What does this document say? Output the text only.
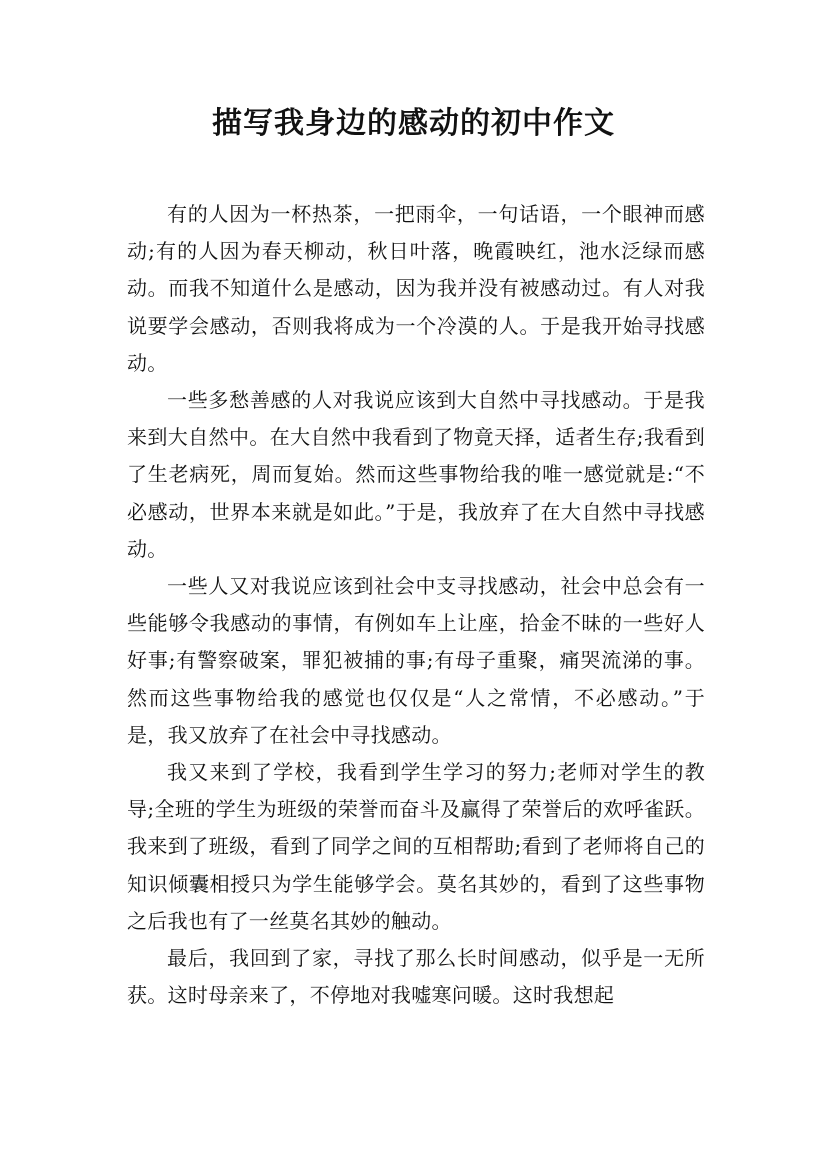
描写我身边的感动的初中作文

有的人因为一杯热茶，一把雨伞，一句话语，一个眼神而感动;有的人因为春天柳动，秋日叶落，晚霞映红，池水泛绿而感动。而我不知道什么是感动，因为我并没有被感动过。有人对我说要学会感动，否则我将成为一个冷漠的人。于是我开始寻找感动。

一些多愁善感的人对我说应该到大自然中寻找感动。于是我来到大自然中。在大自然中我看到了物竟天择，适者生存;我看到了生老病死，周而复始。然而这些事物给我的唯一感觉就是:“不必感动，世界本来就是如此。”于是，我放弃了在大自然中寻找感动。

一些人又对我说应该到社会中支寻找感动，社会中总会有一些能够令我感动的事情，有例如车上让座，拾金不昧的一些好人好事;有警察破案，罪犯被捕的事;有母子重聚，痛哭流涕的事。然而这些事物给我的感觉也仅仅是“人之常情，不必感动。”于是，我又放弃了在社会中寻找感动。

我又来到了学校，我看到学生学习的努力;老师对学生的教导;全班的学生为班级的荣誉而奋斗及赢得了荣誉后的欢呼雀跃。我来到了班级，看到了同学之间的互相帮助;看到了老师将自己的知识倾囊相授只为学生能够学会。莫名其妙的，看到了这些事物之后我也有了一丝莫名其妙的触动。

最后，我回到了家，寻找了那么长时间感动，似乎是一无所获。这时母亲来了，不停地对我嘘寒问暖。这时我想起
